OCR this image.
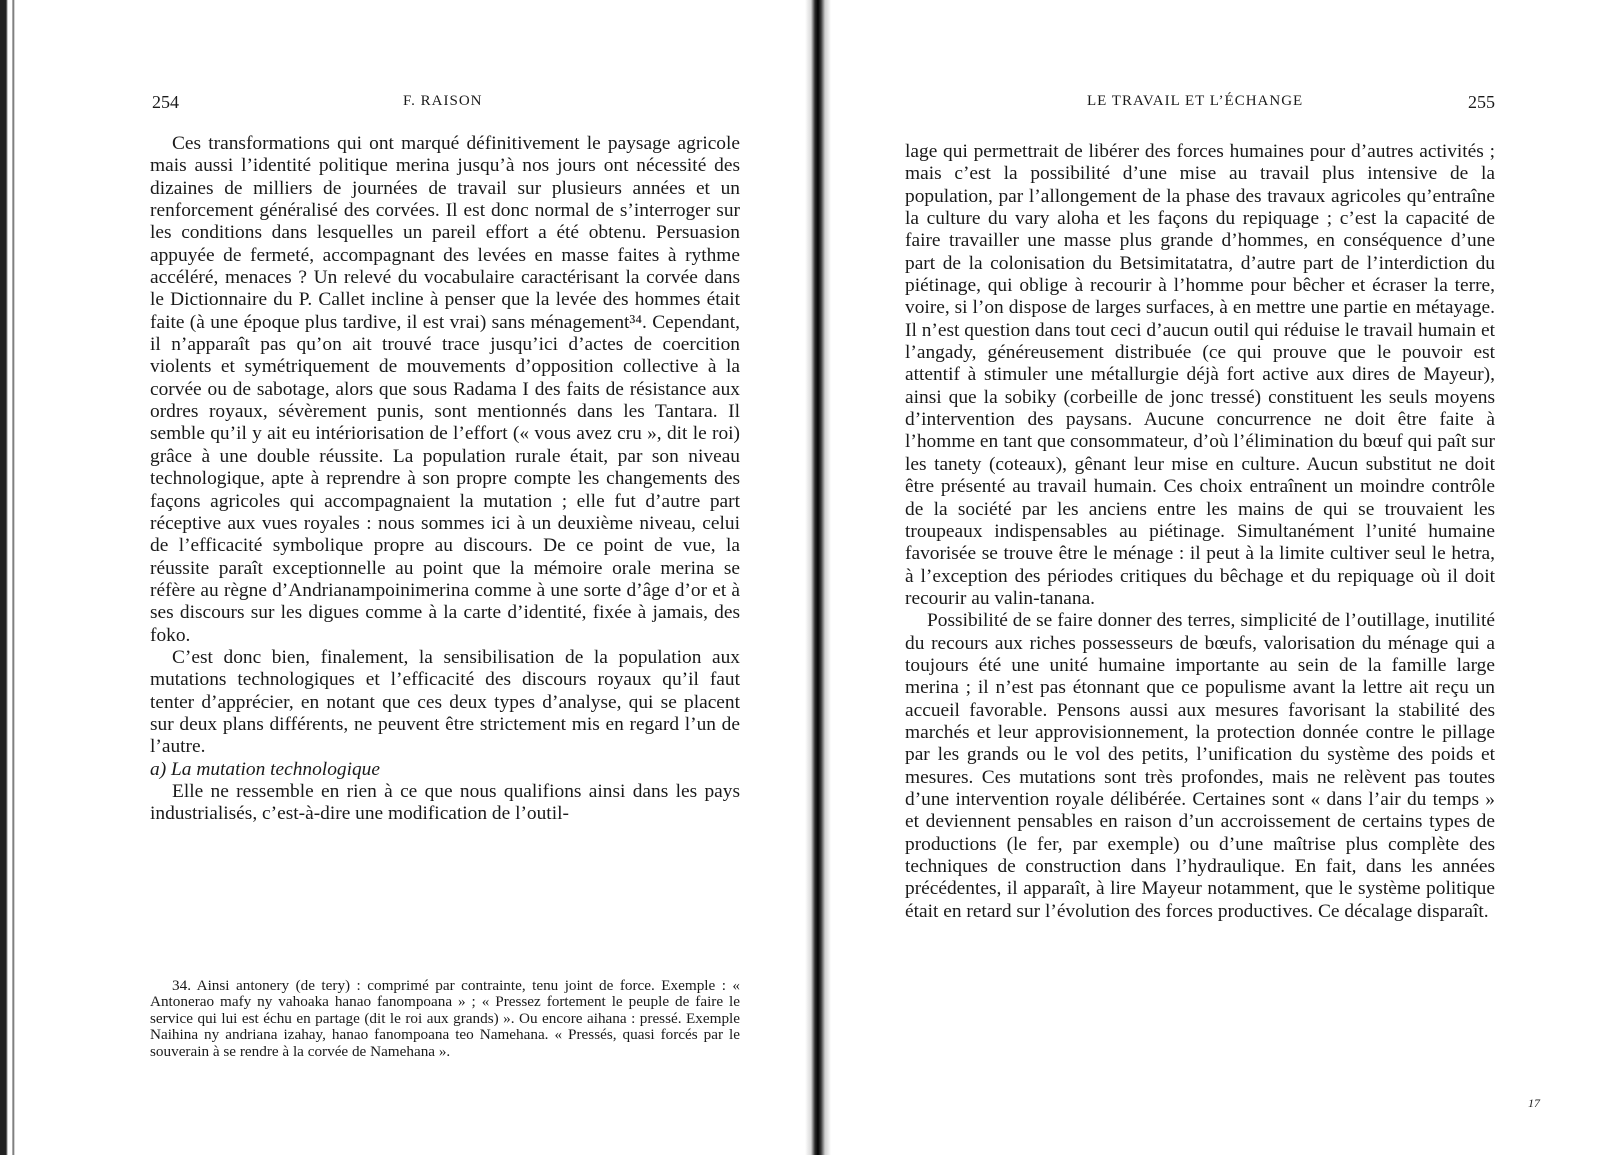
254	F. RAISON

Ces transformations qui ont marqué définitivement le paysage agricole mais aussi l’identité politique merina jusqu’à nos jours ont nécessité des dizaines de milliers de journées de travail sur plusieurs années et un renforcement généralisé des corvées. Il est donc normal de s’interroger sur les conditions dans lesquelles un pareil effort a été obtenu. Persuasion appuyée de fermeté, accompagnant des levées en masse faites à rythme accéléré, menaces ? Un relevé du vocabulaire caractérisant la corvée dans le Dictionnaire du P. Callet incline à penser que la levée des hommes était faite (à une époque plus tardive, il est vrai) sans ménagement³⁴. Cependant, il n’apparaît pas qu’on ait trouvé trace jusqu’ici d’actes de coercition violents et symétriquement de mouvements d’opposition collective à la corvée ou de sabotage, alors que sous Radama I des faits de résistance aux ordres royaux, sévèrement punis, sont mentionnés dans les Tantara. Il semble qu’il y ait eu intériorisation de l’effort (« vous avez cru », dit le roi) grâce à une double réussite. La population rurale était, par son niveau technologique, apte à reprendre à son propre compte les changements des façons agricoles qui accompagnaient la mutation ; elle fut d’autre part réceptive aux vues royales : nous sommes ici à un deuxième niveau, celui de l’efficacité symbolique propre au discours. De ce point de vue, la réussite paraît exceptionnelle au point que la mémoire orale merina se réfère au règne d’Andrianampoinimerina comme à une sorte d’âge d’or et à ses discours sur les digues comme à la carte d’identité, fixée à jamais, des foko.

C’est donc bien, finalement, la sensibilisation de la population aux mutations technologiques et l’efficacité des discours royaux qu’il faut tenter d’apprécier, en notant que ces deux types d’analyse, qui se placent sur deux plans différents, ne peuvent être strictement mis en regard l’un de l’autre.

a) La mutation technologique

Elle ne ressemble en rien à ce que nous qualifions ainsi dans les pays industrialisés, c’est-à-dire une modification de l’outil-

34. Ainsi antonery (de tery) : comprimé par contrainte, tenu joint de force. Exemple : « Antonerao mafy ny vahoaka hanao fanompoana » ; « Pressez fortement le peuple de faire le service qui lui est échu en partage (dit le roi aux grands) ». Ou encore aihana : pressé. Exemple Naihina ny andriana izahay, hanao fanompoana teo Namehana. « Pressés, quasi forcés par le souverain à se rendre à la corvée de Namehana ».

LE TRAVAIL ET L’ÉCHANGE	255

lage qui permettrait de libérer des forces humaines pour d’autres activités ; mais c’est la possibilité d’une mise au travail plus intensive de la population, par l’allongement de la phase des travaux agricoles qu’entraîne la culture du vary aloha et les façons du repiquage ; c’est la capacité de faire travailler une masse plus grande d’hommes, en conséquence d’une part de la colonisation du Betsimitatatra, d’autre part de l’interdiction du piétinage, qui oblige à recourir à l’homme pour bêcher et écraser la terre, voire, si l’on dispose de larges surfaces, à en mettre une partie en métayage. Il n’est question dans tout ceci d’aucun outil qui réduise le travail humain et l’angady, généreusement distribuée (ce qui prouve que le pouvoir est attentif à stimuler une métallurgie déjà fort active aux dires de Mayeur), ainsi que la sobiky (corbeille de jonc tressé) constituent les seuls moyens d’intervention des paysans. Aucune concurrence ne doit être faite à l’homme en tant que consommateur, d’où l’élimination du bœuf qui paît sur les tanety (coteaux), gênant leur mise en culture. Aucun substitut ne doit être présenté au travail humain. Ces choix entraînent un moindre contrôle de la société par les anciens entre les mains de qui se trouvaient les troupeaux indispensables au piétinage. Simultanément l’unité humaine favorisée se trouve être le ménage : il peut à la limite cultiver seul le hetra, à l’exception des périodes critiques du bêchage et du repiquage où il doit recourir au valin-tanana.

Possibilité de se faire donner des terres, simplicité de l’outillage, inutilité du recours aux riches possesseurs de bœufs, valorisation du ménage qui a toujours été une unité humaine importante au sein de la famille large merina ; il n’est pas étonnant que ce populisme avant la lettre ait reçu un accueil favorable. Pensons aussi aux mesures favorisant la stabilité des marchés et leur approvisionnement, la protection donnée contre le pillage par les grands ou le vol des petits, l’unification du système des poids et mesures. Ces mutations sont très profondes, mais ne relèvent pas toutes d’une intervention royale délibérée. Certaines sont « dans l’air du temps » et deviennent pensables en raison d’un accroissement de certains types de productions (le fer, par exemple) ou d’une maîtrise plus complète des techniques de construction dans l’hydraulique. En fait, dans les années précédentes, il apparaît, à lire Mayeur notamment, que le système politique était en retard sur l’évolution des forces productives. Ce décalage disparaît.

17
